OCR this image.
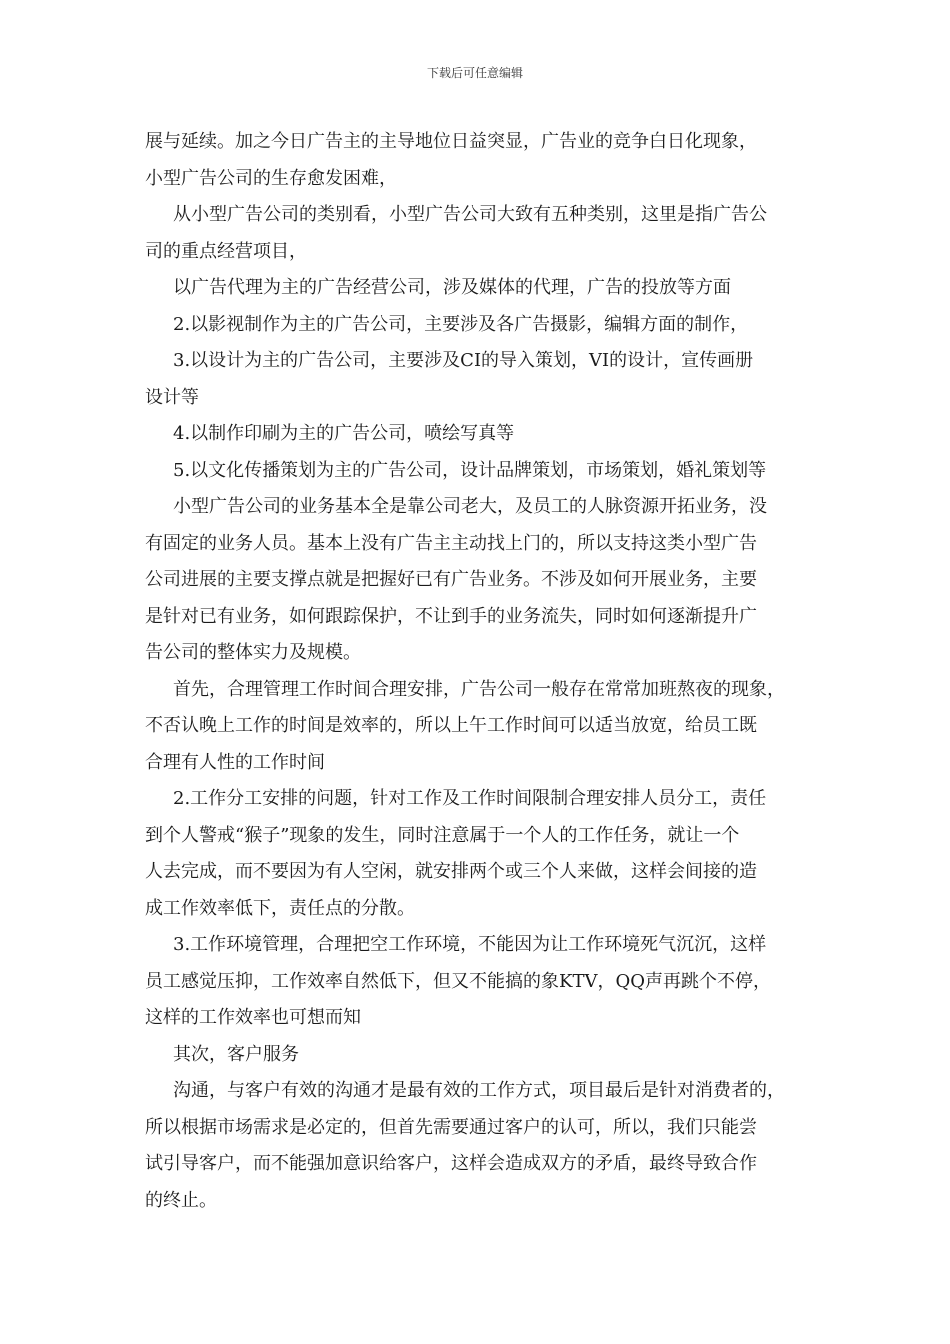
下载后可任意编辑
展与延续。加之今日广告主的主导地位日益突显，广告业的竞争白日化现象，
小型广告公司的生存愈发困难，
从小型广告公司的类别看，小型广告公司大致有五种类别，这里是指广告公
司的重点经营项目，
以广告代理为主的广告经营公司，涉及媒体的代理，广告的投放等方面
2.以影视制作为主的广告公司，主要涉及各广告摄影，编辑方面的制作，
3.以设计为主的广告公司，主要涉及CI的导入策划，VI的设计，宣传画册
设计等
4.以制作印刷为主的广告公司，喷绘写真等
5.以文化传播策划为主的广告公司，设计品牌策划，市场策划，婚礼策划等
小型广告公司的业务基本全是靠公司老大，及员工的人脉资源开拓业务，没
有固定的业务人员。基本上没有广告主主动找上门的，所以支持这类小型广告
公司进展的主要支撑点就是把握好已有广告业务。不涉及如何开展业务，主要
是针对已有业务，如何跟踪保护，不让到手的业务流失，同时如何逐渐提升广
告公司的整体实力及规模。
首先，合理管理工作时间合理安排，广告公司一般存在常常加班熬夜的现象，
不否认晚上工作的时间是效率的，所以上午工作时间可以适当放宽，给员工既
合理有人性的工作时间
2.工作分工安排的问题，针对工作及工作时间限制合理安排人员分工，责任
到个人警戒“猴子”现象的发生，同时注意属于一个人的工作任务，就让一个
人去完成，而不要因为有人空闲，就安排两个或三个人来做，这样会间接的造
成工作效率低下，责任点的分散。
3.工作环境管理，合理把空工作环境，不能因为让工作环境死气沉沉，这样
员工感觉压抑，工作效率自然低下，但又不能搞的象KTV，QQ声再跳个不停，
这样的工作效率也可想而知
其次，客户服务
沟通，与客户有效的沟通才是最有效的工作方式，项目最后是针对消费者的，
所以根据市场需求是必定的，但首先需要通过客户的认可，所以，我们只能尝
试引导客户，而不能强加意识给客户，这样会造成双方的矛盾，最终导致合作
的终止。
